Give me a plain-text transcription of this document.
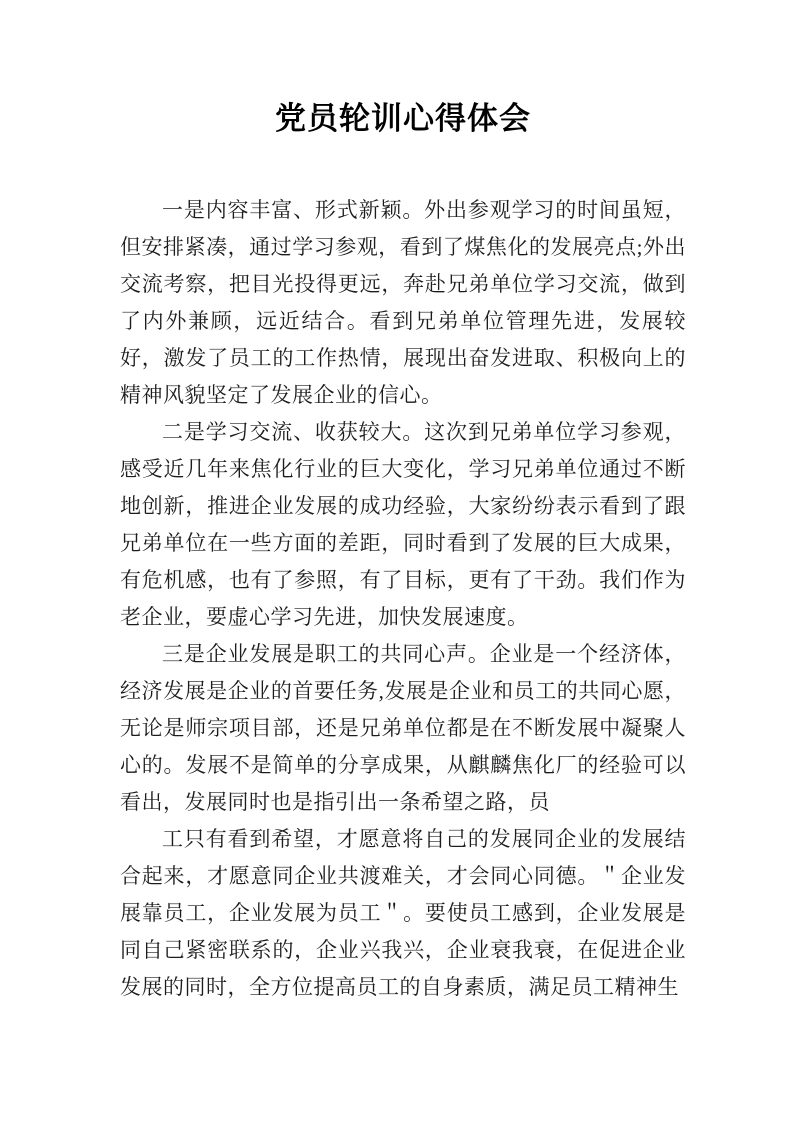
党员轮训心得体会

一是内容丰富、形式新颖。外出参观学习的时间虽短，但安排紧凑，通过学习参观，看到了煤焦化的发展亮点;外出交流考察，把目光投得更远，奔赴兄弟单位学习交流，做到了内外兼顾，远近结合。看到兄弟单位管理先进，发展较好，激发了员工的工作热情，展现出奋发进取、积极向上的精神风貌坚定了发展企业的信心。

二是学习交流、收获较大。这次到兄弟单位学习参观，感受近几年来焦化行业的巨大变化，学习兄弟单位通过不断地创新，推进企业发展的成功经验，大家纷纷表示看到了跟兄弟单位在一些方面的差距，同时看到了发展的巨大成果，有危机感，也有了参照，有了目标，更有了干劲。我们作为老企业，要虚心学习先进，加快发展速度。

三是企业发展是职工的共同心声。企业是一个经济体，经济发展是企业的首要任务,发展是企业和员工的共同心愿，无论是师宗项目部，还是兄弟单位都是在不断发展中凝聚人心的。发展不是简单的分享成果，从麒麟焦化厂的经验可以看出，发展同时也是指引出一条希望之路，员

工只有看到希望，才愿意将自己的发展同企业的发展结合起来，才愿意同企业共渡难关，才会同心同德。＂企业发展靠员工，企业发展为员工＂。要使员工感到，企业发展是同自己紧密联系的，企业兴我兴，企业衰我衰，在促进企业发展的同时，全方位提高员工的自身素质，满足员工精神生
